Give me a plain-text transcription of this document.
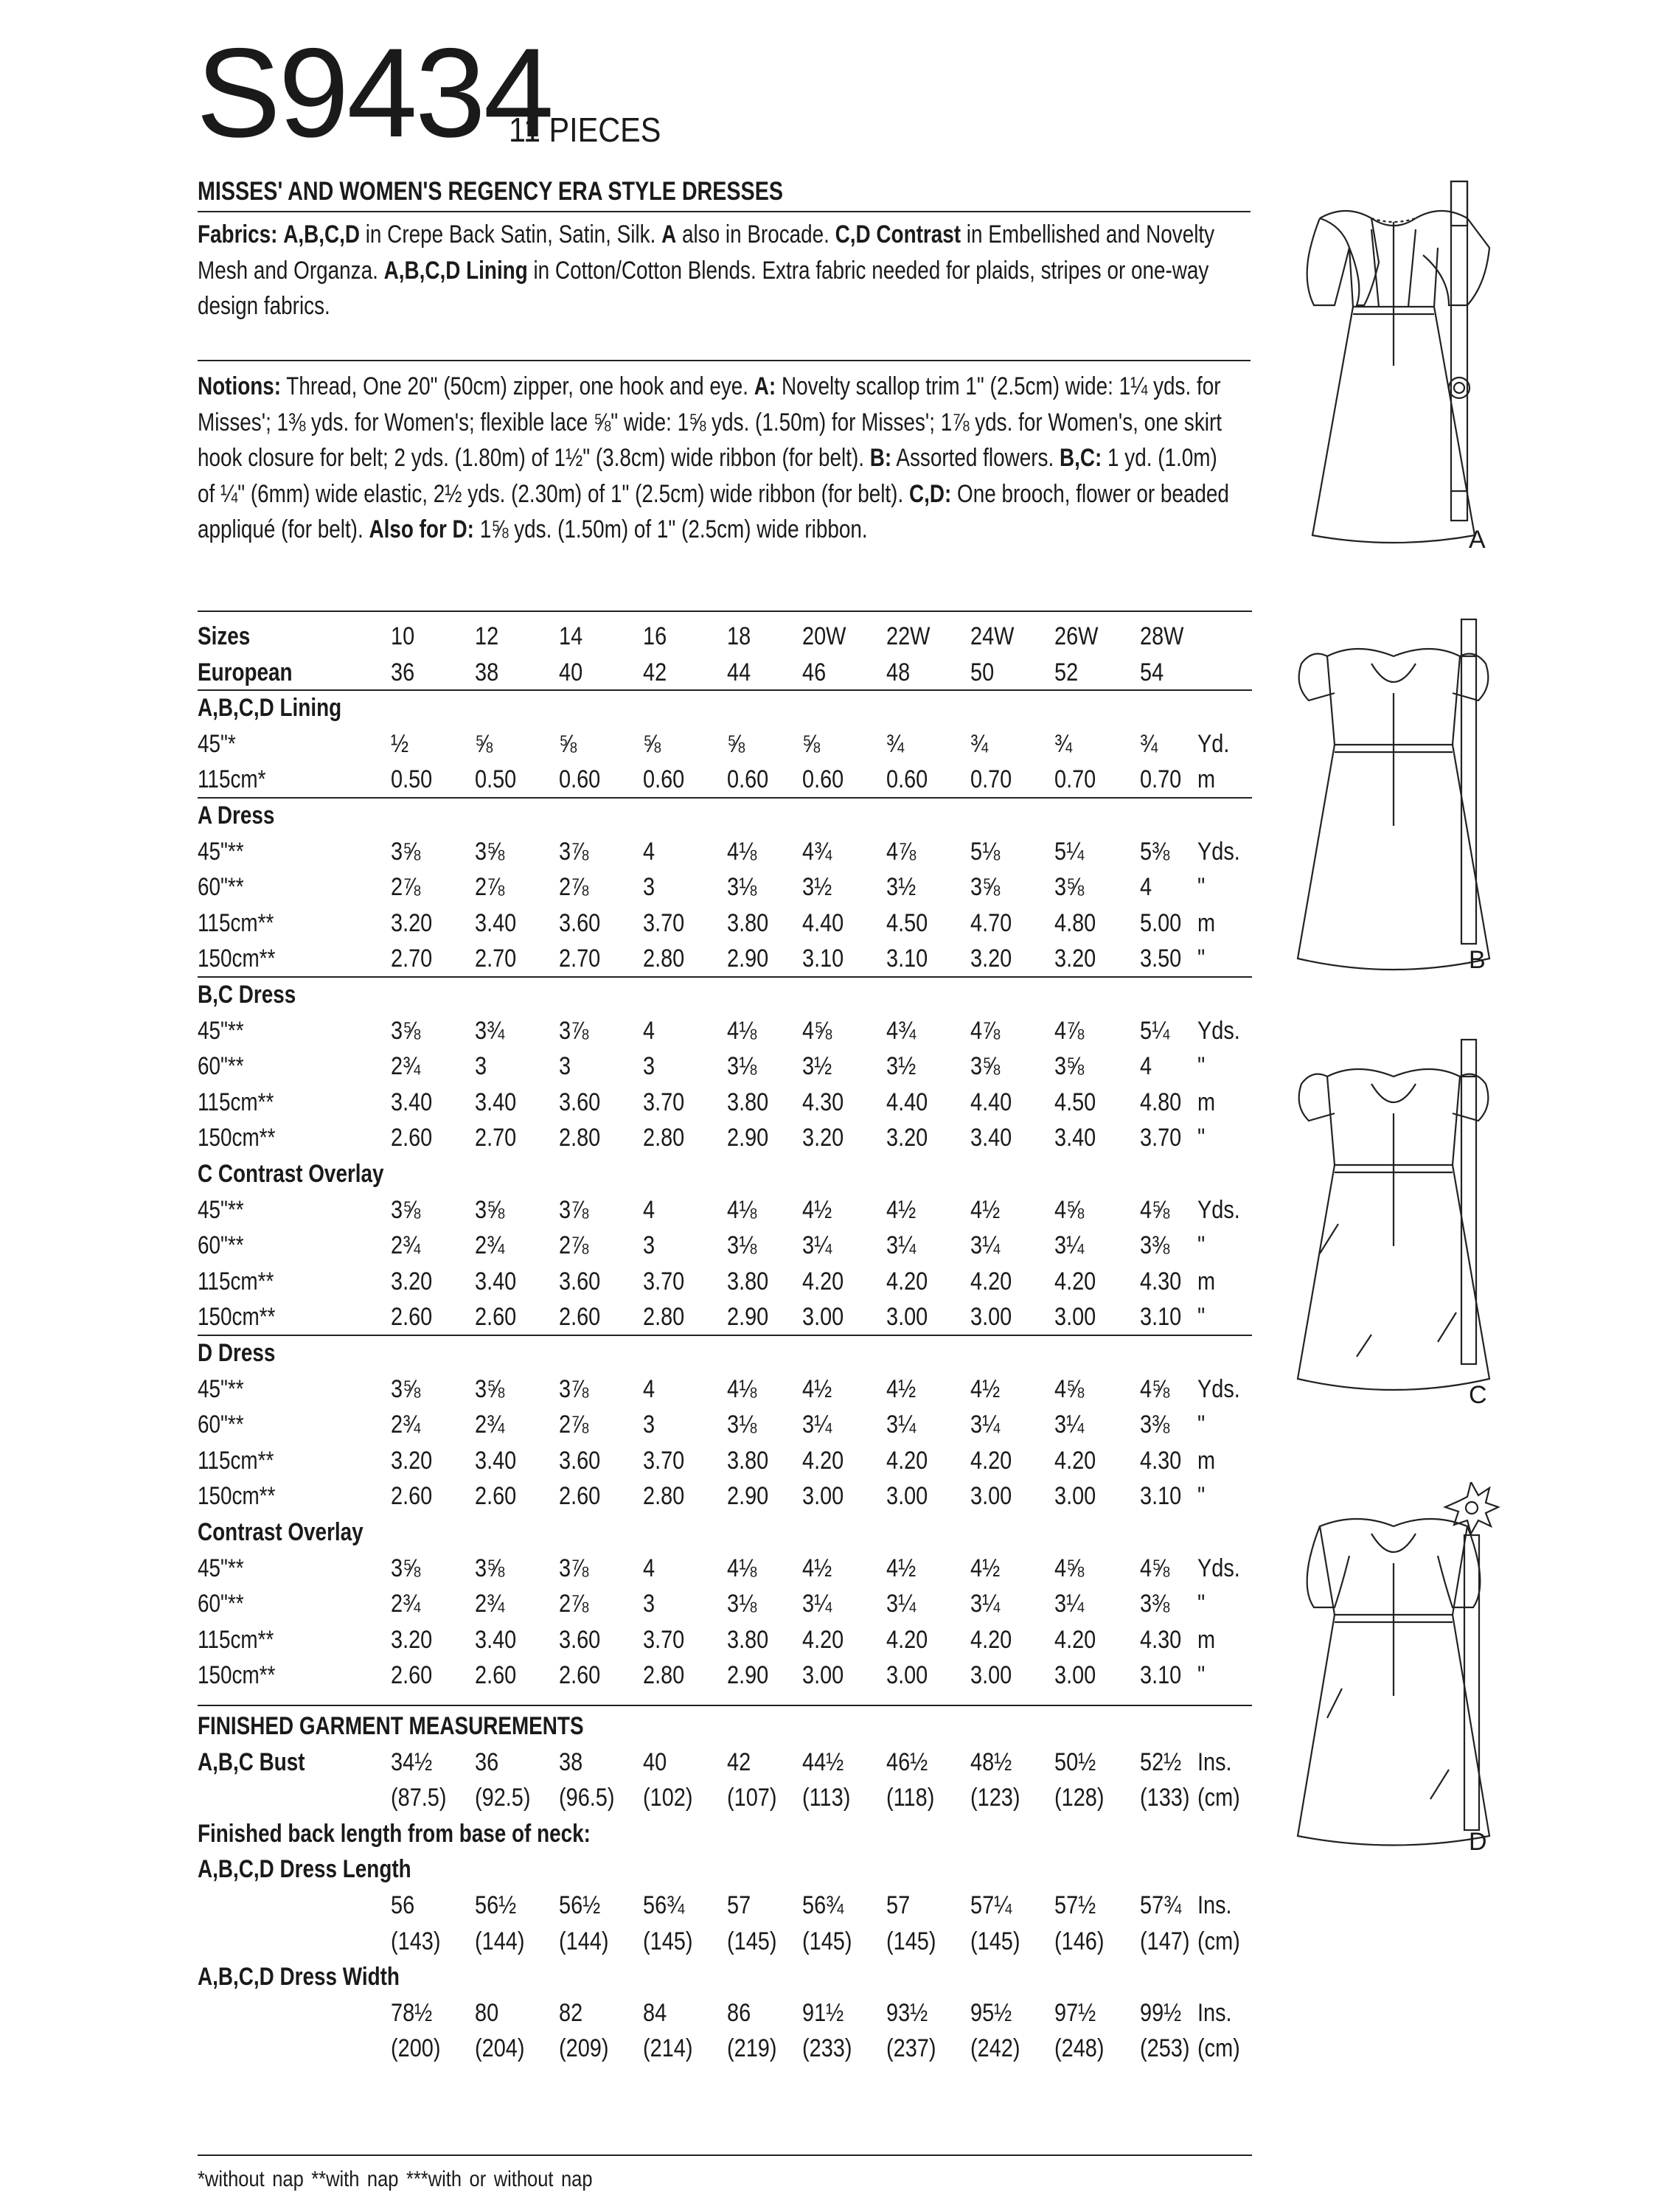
S9434
11 PIECES
MISSES' AND WOMEN'S REGENCY ERA STYLE DRESSES
Fabrics: A,B,C,D in Crepe Back Satin, Satin, Silk. A also in Brocade. C,D Contrast in Embellished and Novelty Mesh and Organza. A,B,C,D Lining in Cotton/Cotton Blends. Extra fabric needed for plaids, stripes or one-way design fabrics.
Notions: Thread, One 20" (50cm) zipper, one hook and eye. A: Novelty scallop trim 1" (2.5cm) wide: 1¼ yds. for Misses'; 1⅜ yds. for Women's; flexible lace ⅝" wide: 1⅝ yds. (1.50m) for Misses'; 1⅞ yds. for Women's, one skirt hook closure for belt; 2 yds. (1.80m) of 1½" (3.8cm) wide ribbon (for belt). B: Assorted flowers. B,C: 1 yd. (1.0m) of ¼" (6mm) wide elastic, 2½ yds. (2.30m) of 1" (2.5cm) wide ribbon (for belt). C,D: One brooch, flower or beaded appliqué (for belt). Also for D: 1⅝ yds. (1.50m) of 1" (2.5cm) wide ribbon.
Sizes	10	12	14	16	18	20W	22W	24W	26W	28W
European	36	38	40	42	44	46	48	50	52	54
A,B,C,D Lining
45"*	½	⅝	⅝	⅝	⅝	⅝	¾	¾	¾	¾	Yd.
115cm*	0.50	0.50	0.60	0.60	0.60	0.60	0.60	0.70	0.70	0.70 m
A Dress
45"**	3⅝	3⅝	3⅞	4	4⅛	4¾	4⅞	5⅛	5¼	5⅜	Yds.
60"**	2⅞	2⅞	2⅞	3	3⅛	3½	3½	3⅝	3⅝	4	"
115cm**	3.20	3.40	3.60	3.70	3.80	4.40	4.50	4.70	4.80	5.00 m
150cm**	2.70	2.70	2.70	2.80	2.90	3.10	3.10	3.20	3.20	3.50 "
B,C Dress
45"**	3⅝	3¾	3⅞	4	4⅛	4⅝	4¾	4⅞	4⅞	5¼	Yds.
60"**	2¾	3	3	3	3⅛	3½	3½	3⅝	3⅝	4	"
115cm**	3.40	3.40	3.60	3.70	3.80	4.30	4.40	4.40	4.50	4.80 m
150cm**	2.60	2.70	2.80	2.80	2.90	3.20	3.20	3.40	3.40	3.70 "
C Contrast Overlay
45"**	3⅝	3⅝	3⅞	4	4⅛	4½	4½	4½	4⅝	4⅝	Yds.
60"**	2¾	2¾	2⅞	3	3⅛	3¼	3¼	3¼	3¼	3⅜	"
115cm**	3.20	3.40	3.60	3.70	3.80	4.20	4.20	4.20	4.20	4.30 m
150cm**	2.60	2.60	2.60	2.80	2.90	3.00	3.00	3.00	3.00	3.10 "
D Dress
45"**	3⅝	3⅝	3⅞	4	4⅛	4½	4½	4½	4⅝	4⅝	Yds.
60"**	2¾	2¾	2⅞	3	3⅛	3¼	3¼	3¼	3¼	3⅜	"
115cm**	3.20	3.40	3.60	3.70	3.80	4.20	4.20	4.20	4.20	4.30 m
150cm**	2.60	2.60	2.60	2.80	2.90	3.00	3.00	3.00	3.00	3.10 "
Contrast Overlay
45"**	3⅝	3⅝	3⅞	4	4⅛	4½	4½	4½	4⅝	4⅝	Yds.
60"**	2¾	2¾	2⅞	3	3⅛	3¼	3¼	3¼	3¼	3⅜	"
115cm**	3.20	3.40	3.60	3.70	3.80	4.20	4.20	4.20	4.20	4.30 m
150cm**	2.60	2.60	2.60	2.80	2.90	3.00	3.00	3.00	3.00	3.10 "
FINISHED GARMENT MEASUREMENTS
A,B,C Bust	34½	36	38	40	42	44½	46½	48½	50½	52½ Ins.
(87.5)	(92.5)	(96.5)	(102)	(107)	(113)	(118)	(123)	(128)	(133) (cm)
Finished back length from base of neck:
A,B,C,D Dress Length
56	56½	56½	56¾	57	56¾	57	57¼	57½	57¾ Ins.
(143)	(144)	(144)	(145)	(145)	(145)	(145)	(145)	(146)	(147) (cm)
A,B,C,D Dress Width
78½	80	82	84	86	91½	93½	95½	97½	99½ Ins.
(200)	(204)	(209)	(214)	(219)	(233)	(237)	(242)	(248)	(253) (cm)
*without nap **with nap ***with or without nap
A
B
C
D
